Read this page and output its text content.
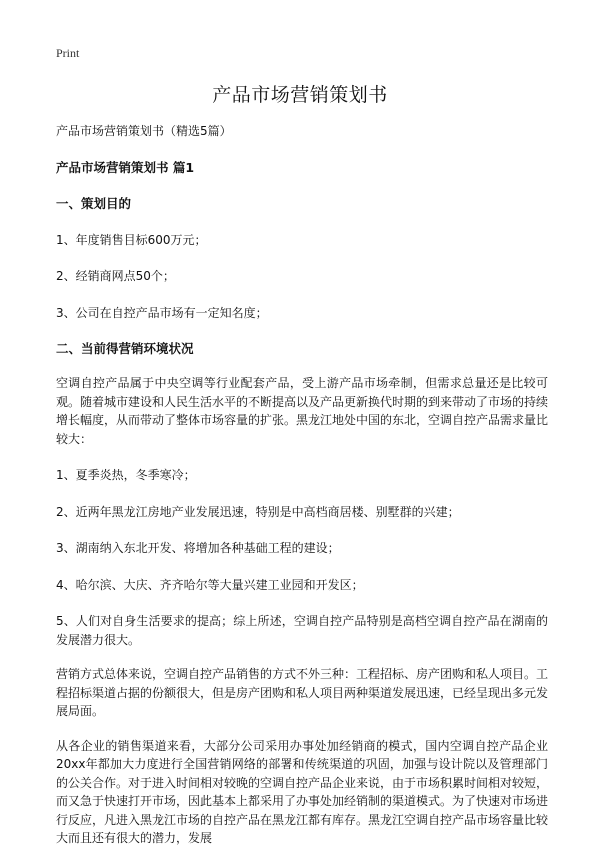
Print
产品市场营销策划书

产品市场营销策划书（精选5篇）

产品市场营销策划书 篇1

一、策划目的

1、年度销售目标600万元；

2、经销商网点50个；

3、公司在自控产品市场有一定知名度；

二、当前得营销环境状况

空调自控产品属于中央空调等行业配套产品，受上游产品市场牵制，但需求总量还是比较可观。随着城市建设和人民生活水平的不断提高以及产品更新换代时期的到来带动了市场的持续增长幅度，从而带动了整体市场容量的扩张。黑龙江地处中国的东北，空调自控产品需求量比较大：

1、夏季炎热，冬季寒冷；

2、近两年黑龙江房地产业发展迅速，特别是中高档商居楼、别墅群的兴建；

3、湖南纳入东北开发、将增加各种基础工程的建设；

4、哈尔滨、大庆、齐齐哈尔等大量兴建工业园和开发区；

5、人们对自身生活要求的提高；综上所述，空调自控产品特别是高档空调自控产品在湖南的发展潜力很大。

营销方式总体来说，空调自控产品销售的方式不外三种：工程招标、房产团购和私人项目。工程招标渠道占据的份额很大，但是房产团购和私人项目两种渠道发展迅速，已经呈现出多元发展局面。

从各企业的销售渠道来看，大部分公司采用办事处加经销商的模式，国内空调自控产品企业20xx年都加大力度进行全国营销网络的部署和传统渠道的巩固，加强与设计院以及管理部门的公关合作。对于进入时间相对较晚的空调自控产品企业来说，由于市场积累时间相对较短，而又急于快速打开市场，因此基本上都采用了办事处加经销制的渠道模式。为了快速对市场进行反应，凡进入黑龙江市场的自控产品在黑龙江都有库存。黑龙江空调自控产品市场容量比较大而且还有很大的潜力，发展
